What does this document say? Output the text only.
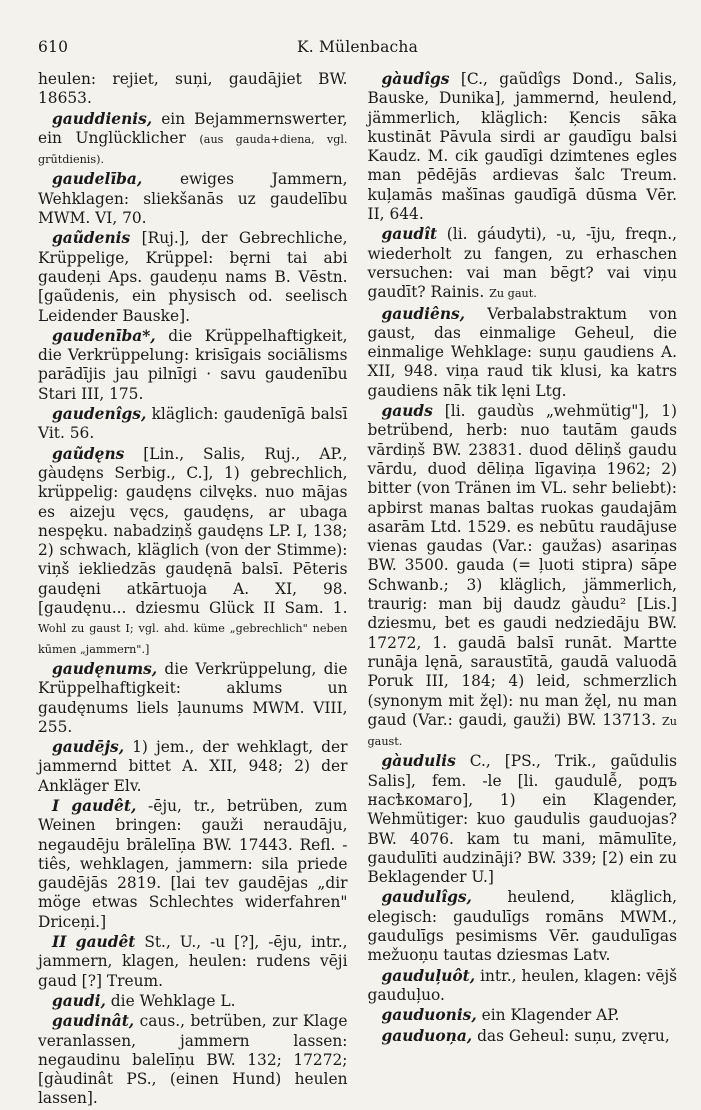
610	K. Mülenbacha

heulen: rejiet, suņi, gaudājiet BW. 18653.

gauddienis, ein Bejammernswerter, ein Unglücklicher (aus gauda+diena, vgl. grūtdienis).

gaudelība, ewiges Jammern, Wehklagen: sliekšanās uz gaudelību MWM. VI, 70.

gaũdenis [Ruj.], der Gebrechliche, Krüppelige, Krüppel: bęrni tai abi gaudeņi Aps. gaudeņu nams B. Vēstn. [gaũdenis, ein physisch od. seelisch Leidender Bauske].

gaudenība*, die Krüppelhaftigkeit, die Verkrüppelung: krisīgais sociālisms parādījis jau pilnīgi · savu gaudenību Stari III, 175.

gaudenîgs, kläglich: gaudenīgā balsī Vit. 56.

gaũdęns [Lin., Salis, Ruj., AP., gàudęns Serbig., C.], 1) gebrechlich, krüppelig: gaudęns cilvęks. nuo mājas es aizeju vęcs, gaudęns, ar ubaga nespęku. nabadziņš gaudęns LP. I, 138; 2) schwach, kläglich (von der Stimme): viņš iekliedzās gaudęnā balsī. Pēteris gaudęni atkārtuoja A. XI, 98. [gaudęnu... dziesmu Glück II Sam. 1. Wohl zu gaust I; vgl. ahd. küme „gebrechlich" neben kūmen „jammern".]

gaudęnums, die Verkrüppelung, die Krüppelhaftigkeit: aklums un gaudęnums liels ļaunums MWM. VIII, 255.

gaudējs, 1) jem., der wehklagt, der jammernd bittet A. XII, 948; 2) der Ankläger Elv.

I gaudêt, -ēju, tr., betrüben, zum Weinen bringen: gauži neraudāju, negaudēju brālelīņa BW. 17443. Refl. -tiês, wehklagen, jammern: sila priede gaudējās 2819. [lai tev gaudējas „dir möge etwas Schlechtes widerfahren" Driceņi.]

II gaudêt St., U., -u [?], -ēju, intr., jammern, klagen, heulen: rudens vēji gaud [?] Treum.

gaudi, die Wehklage L.

gaudinât, caus., betrüben, zur Klage veranlassen, jammern lassen: negaudinu balelīņu BW. 132; 17272; [gàudinât PS., (einen Hund) heulen lassen].

gàudîgs [C., gaũdîgs Dond., Salis, Bauske, Dunika], jammernd, heulend, jämmerlich, kläglich: Ķencis sāka kustināt Pāvula sirdi ar gaudīgu balsi Kaudz. M. cik gaudīgi dzimtenes egles man pēdējās ardievas šalc Treum. kuļamās mašīnas gaudīgā dūsma Vēr. II, 644.

gaudît (li. gáudyti), -u, -īju, freqn., wiederholt zu fangen, zu erhaschen versuchen: vai man bēgt? vai viņu gaudīt? Rainis. Zu gaut.

gaudiêns, Verbalabstraktum von gaust, das einmalige Geheul, die einmalige Wehklage: suņu gaudiens A. XII, 948. viņa raud tik klusi, ka katrs gaudiens nāk tik lęni Ltg.

gauds [li. gaudùs „wehmütig"], 1) betrübend, herb: nuo tautām gauds vārdiņš BW. 23831. duod dēliņš gaudu vārdu, duod dēliņa līgaviņa 1962; 2) bitter (von Tränen im VL. sehr beliebt): apbirst manas baltas ruokas gaudajām asarām Ltd. 1529. es nebūtu raudājuse vienas gaudas (Var.: gaužas) asariņas BW. 3500. gauda (= ļuoti stipra) sāpe Schwanb.; 3) kläglich, jämmerlich, traurig: man bij daudz gàudu² [Lis.] dziesmu, bet es gaudi nedziedāju BW. 17272, 1. gaudā balsī runāt. Martte runāja lęnā, saraustītā, gaudā valuodā Poruk III, 184; 4) leid, schmerzlich (synonym mit žęl): nu man žęl, nu man gaud (Var.: gaudi, gauži) BW. 13713. Zu gaust.

gàudulis C., [PS., Trik., gaũdulis Salis], fem. -le [li. gaudulễ, родъ насѣкомаго], 1) ein Klagender, Wehmütiger: kuo gaudulis gauduojas? BW. 4076. kam tu mani, māmulīte, gaudulīti audzināji? BW. 339; [2) ein zu Beklagender U.]

gaudulîgs, heulend, kläglich, elegisch: gaudulīgs romāns MWM., gaudulīgs pesimisms Vēr. gaudulīgas mežuoņu tautas dziesmas Latv.

gauduļuôt, intr., heulen, klagen: vējš gauduļuo.

gauduonis, ein Klagender AP.

gauduoņa, das Geheul: suņu, zvęru,
